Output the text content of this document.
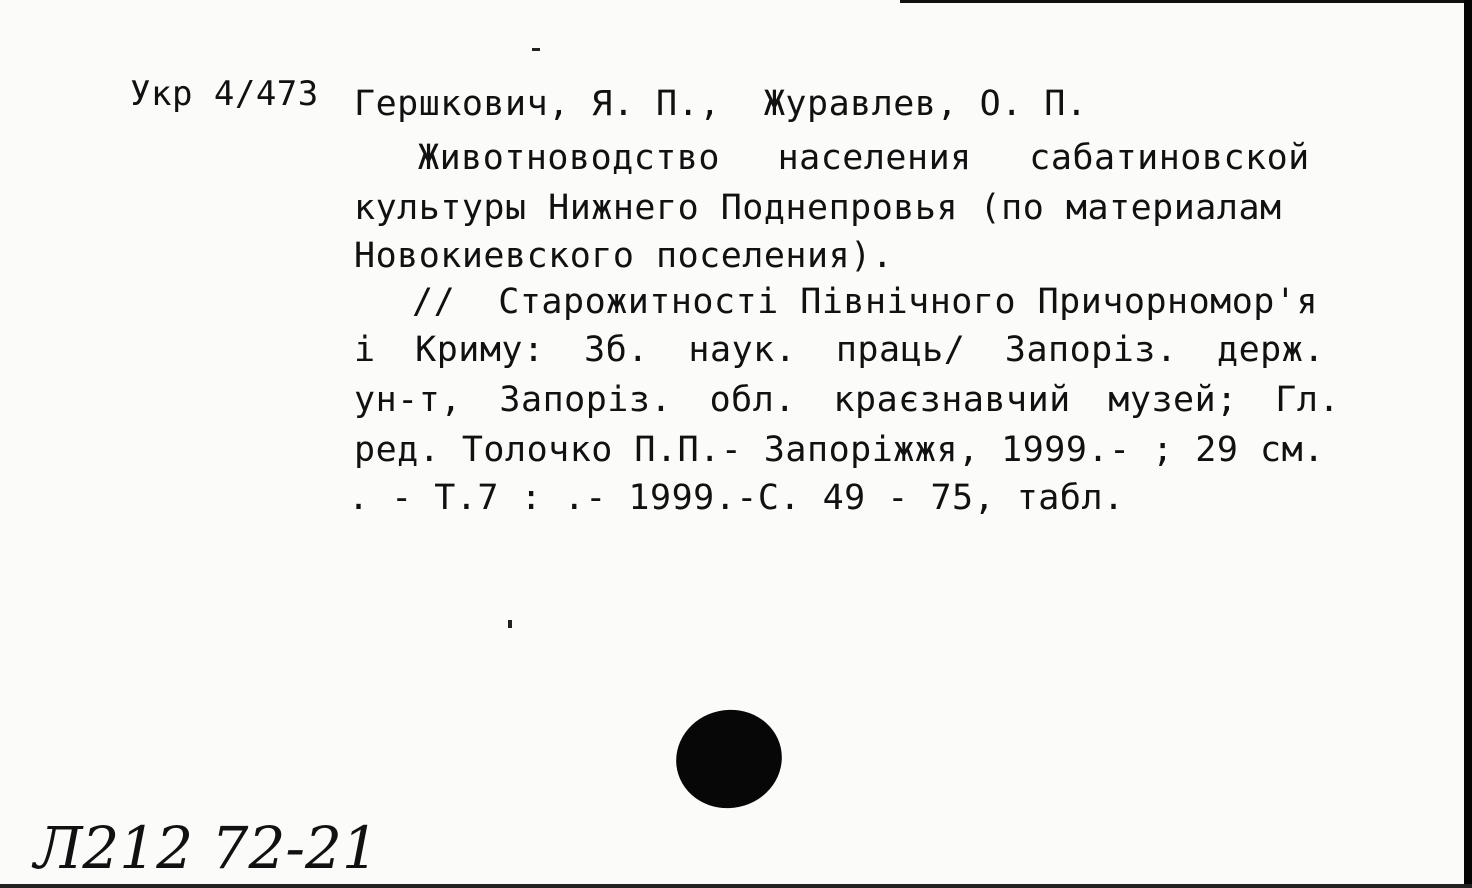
Укр 4/473 Гершкович, Я. П.,  Журавлев, О. П.
Животноводство населения сабатиновской
культуры Нижнего Поднепровья (по материалам
Новокиевского поселения).
//  Старожитності Північного Причорномор'я
і Криму: Зб. наук. праць/ Запоріз. держ.
ун-т, Запоріз. обл. краєзнавчий музей; Гл.
ред. Толочко П.П.- Запоріжжя, 1999.- ; 29 см.
. - Т.7 : .- 1999.-С. 49 - 75, табл.
Л212 72-21
